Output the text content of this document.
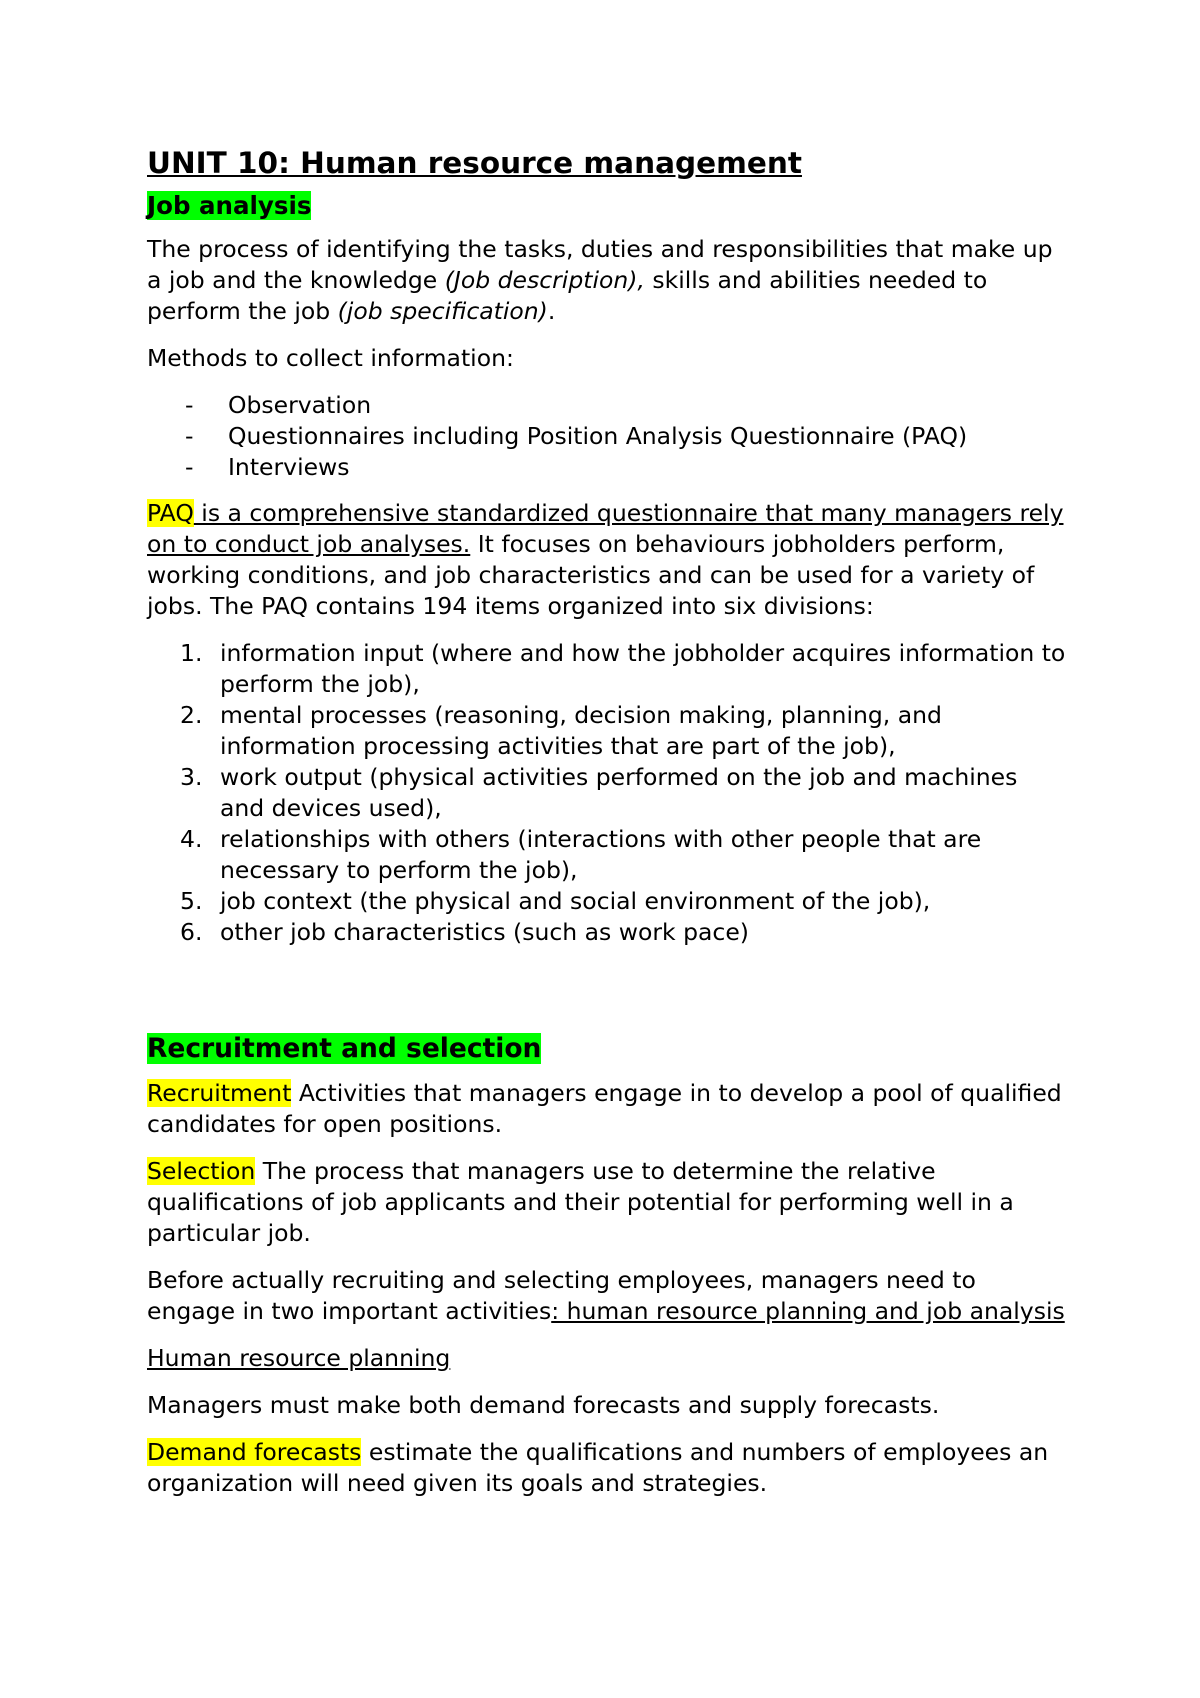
UNIT 10: Human resource management

Job analysis

The process of identifying the tasks, duties and responsibilities that make up a job and the knowledge (Job description), skills and abilities needed to perform the job (job specification).

Methods to collect information:

- Observation
- Questionnaires including Position Analysis Questionnaire (PAQ)
- Interviews

PAQ is a comprehensive standardized questionnaire that many managers rely on to conduct job analyses. It focuses on behaviours jobholders perform, working conditions, and job characteristics and can be used for a variety of jobs. The PAQ contains 194 items organized into six divisions:

1. information input (where and how the jobholder acquires information to perform the job),
2. mental processes (reasoning, decision making, planning, and information processing activities that are part of the job),
3. work output (physical activities performed on the job and machines and devices used),
4. relationships with others (interactions with other people that are necessary to perform the job),
5. job context (the physical and social environment of the job),
6. other job characteristics (such as work pace)

Recruitment and selection

Recruitment Activities that managers engage in to develop a pool of qualified candidates for open positions.

Selection The process that managers use to determine the relative qualifications of job applicants and their potential for performing well in a particular job.

Before actually recruiting and selecting employees, managers need to engage in two important activities: human resource planning and job analysis

Human resource planning

Managers must make both demand forecasts and supply forecasts.

Demand forecasts estimate the qualifications and numbers of employees an organization will need given its goals and strategies.
